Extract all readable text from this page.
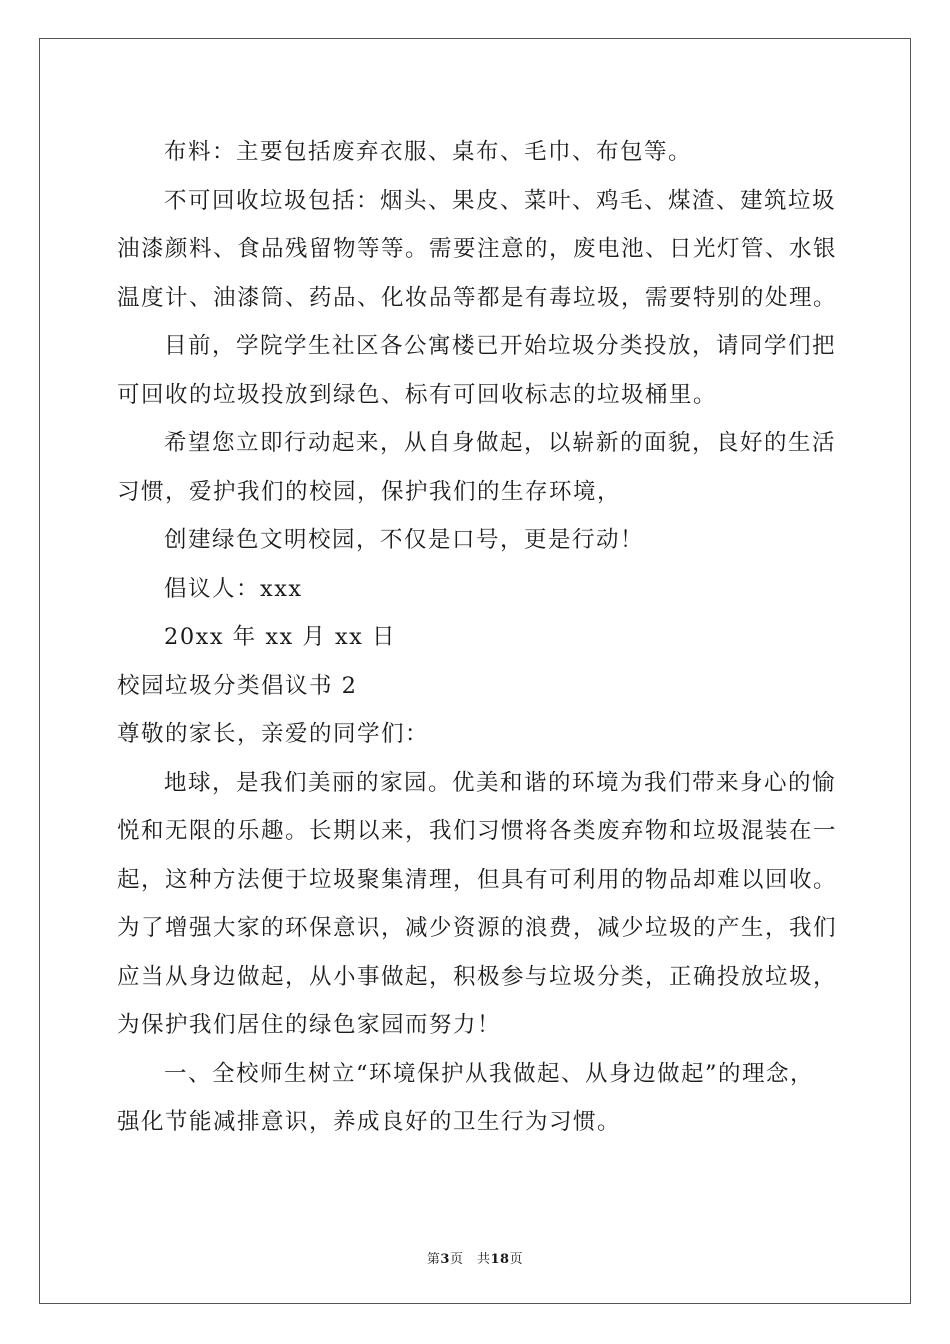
布料：主要包括废弃衣服、桌布、毛巾、布包等。
不可回收垃圾包括：烟头、果皮、菜叶、鸡毛、煤渣、建筑垃圾
油漆颜料、食品残留物等等。需要注意的，废电池、日光灯管、水银
温度计、油漆筒、药品、化妆品等都是有毒垃圾，需要特别的处理。
目前，学院学生社区各公寓楼已开始垃圾分类投放，请同学们把
可回收的垃圾投放到绿色、标有可回收标志的垃圾桶里。
希望您立即行动起来，从自身做起，以崭新的面貌，良好的生活
习惯，爱护我们的校园，保护我们的生存环境，
创建绿色文明校园，不仅是口号，更是行动！
倡议人：xxx
20xx 年 xx 月 xx 日
校园垃圾分类倡议书 2
尊敬的家长，亲爱的同学们：
地球，是我们美丽的家园。优美和谐的环境为我们带来身心的愉
悦和无限的乐趣。长期以来，我们习惯将各类废弃物和垃圾混装在一
起，这种方法便于垃圾聚集清理，但具有可利用的物品却难以回收。
为了增强大家的环保意识，减少资源的浪费，减少垃圾的产生，我们
应当从身边做起，从小事做起，积极参与垃圾分类，正确投放垃圾，
为保护我们居住的绿色家园而努力！
一、全校师生树立“环境保护从我做起、从身边做起”的理念，
强化节能减排意识，养成良好的卫生行为习惯。
第3页　共18页
